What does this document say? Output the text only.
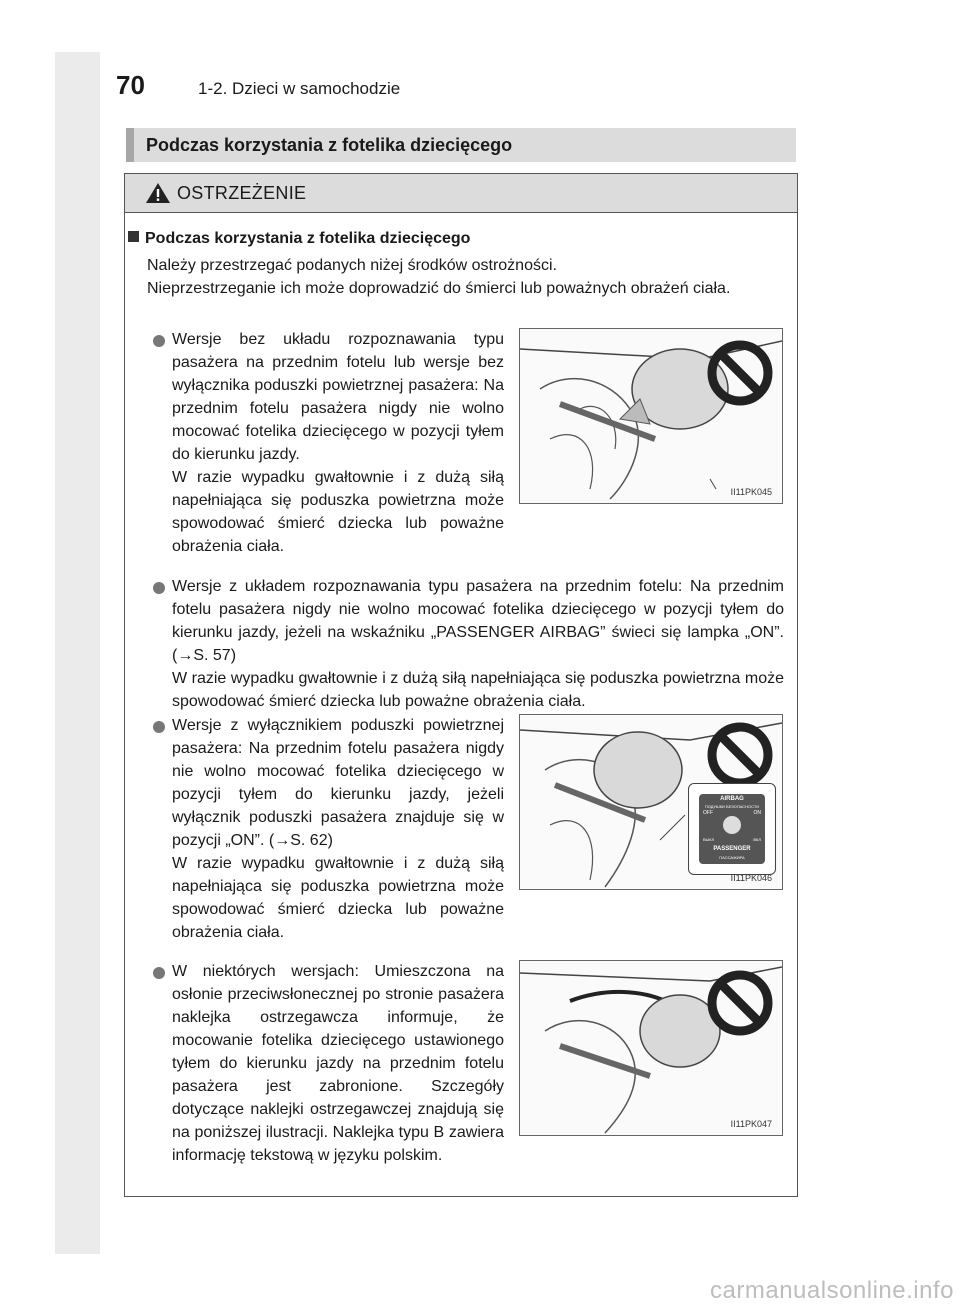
70	1-2. Dzieci w samochodzie
Podczas korzystania z fotelika dziecięcego
OSTRZEŻENIE
Podczas korzystania z fotelika dziecięcego
Należy przestrzegać podanych niżej środków ostrożności.
Nieprzestrzeganie ich może doprowadzić do śmierci lub poważnych obrażeń ciała.
Wersje bez układu rozpoznawania typu pasażera na przednim fotelu lub wersje bez wyłącznika poduszki powietrznej pasażera: Na przednim fotelu pasażera nigdy nie wolno mocować fotelika dziecięcego w pozycji tyłem do kierunku jazdy.
W razie wypadku gwałtownie i z dużą siłą napełniająca się poduszka powietrzna może spowodować śmierć dziecka lub poważne obrażenia ciała.
II11PK045
Wersje z układem rozpoznawania typu pasażera na przednim fotelu: Na przednim fotelu pasażera nigdy nie wolno mocować fotelika dziecięcego w pozycji tyłem do kierunku jazdy, jeżeli na wskaźniku „PASSENGER AIRBAG” świeci się lampka „ON”. (→S. 57)
W razie wypadku gwałtownie i z dużą siłą napełniająca się poduszka powietrzna może spowodować śmierć dziecka lub poważne obrażenia ciała.
Wersje z wyłącznikiem poduszki powietrznej pasażera: Na przednim fotelu pasażera nigdy nie wolno mocować fotelika dziecięcego w pozycji tyłem do kierunku jazdy, jeżeli wyłącznik poduszki pasażera znajduje się w pozycji „ON”. (→S. 62)
W razie wypadku gwałtownie i z dużą siłą napełniająca się poduszka powietrzna może spowodować śmierć dziecka lub poważne obrażenia ciała.
AIRBAG
ПОДУШКИ БЕЗОПАСНОСТИ
OFF	ON
ВЫКЛ	ВКЛ
PASSENGER
ПАССАЖИРА
II11PK046
W niektórych wersjach: Umieszczona na osłonie przeciwsłonecznej po stronie pasażera naklejka ostrzegawcza informuje, że mocowanie fotelika dziecięcego ustawionego tyłem do kierunku jazdy na przednim fotelu pasażera jest zabronione. Szczegóły dotyczące naklejki ostrzegawczej znajdują się na poniższej ilustracji. Naklejka typu B zawiera informację tekstową w języku polskim.
II11PK047
carmanualsonline.info
